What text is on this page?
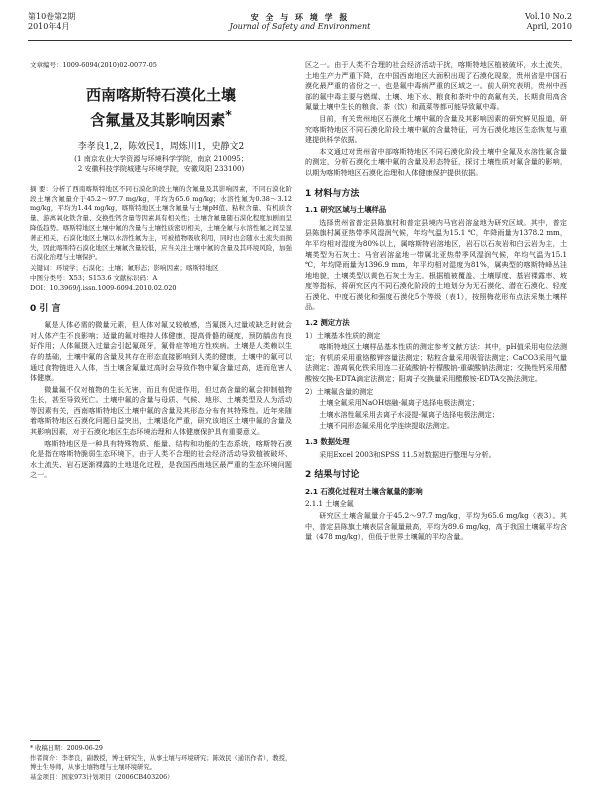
第10卷第2期
2010年4月
安 全 与 环 境 学 报
Journal of Safety and Environment
Vol.10 No.2
April, 2010

文章编号：1009-6094(2010)02-0077-05

西南喀斯特石漠化土壤
含氟量及其影响因素*
李孝良1,2，陈效民1，周炼川1，史静文2
(1 南京农业大学资源与环境科学学院，南京 210095；
2 安徽科技学院城建与环境学院，安徽凤阳 233100)

摘 要：分析了西南喀斯特地区不同石漠化阶段土壤的含氟量及其影响因素，不同石漠化阶段土壤含氟量介于45.2～97.7 mg/kg，平均为65.6 mg/kg；水溶性氟为0.38～3.12 mg/kg，平均为1.44 mg/kg，喀斯特地区土壤含氟量与土壤pH值、粘粒含量、有机质含量、游离氧化铁含量、交换性钙含量等因素具有相关性；土壤含氟量随石漠化程度加剧而呈降低趋势。喀斯特地区土壤中氟的含量与土壤性质密切相关，土壤全氟与水溶性氟之间呈显著正相关，石漠化地区土壤以水溶性氟为主，可被植物吸收利用，同时也会随水土流失而损失，因此喀斯特石漠化地区土壤氟含量较低，应当关注土壤中氟的含量及其环境风险，加强石漠化治理与土壤保护。

关键词：环境学；石漠化；土壤；氟形态；影响因素；喀斯特地区
中图分类号：X53；S153.6 文献标识码：A
DOI：10.3969/j.issn.1009-6094.2010.02.020
0 引 言

氟是人体必需的微量元素，但人体对氟又较敏感，当氟摄入过量或缺乏时就会对人体产生不良影响；适量的氟对维持人体健康，提高骨骼的硬度，预防龋齿有良好作用；人体氟摄入过量会引起氟斑牙，氟骨症等地方性疾病。土壤是人类赖以生存的基础，土壤中氟的含量及其存在形态直接影响到人类的健康，土壤中的氟可以通过食物链进入人体，当土壤含氟量过高时会导致作物中氟含量过高，进而危害人体健康。

微量氟不仅对植物的生长无害，而且有促进作用，但过高含量的氟会抑制植物生长，甚至导致死亡。土壤中氟的含量与母质、气候、地形、土壤类型及人为活动等因素有关，西南喀斯特地区土壤中氟的含量及其形态分布有其特殊性。近年来随着喀斯特地区石漠化问题日益突出，土壤退化严重，研究该地区土壤中氟的含量及其影响因素，对于石漠化地区生态环境治理和人体健康保护具有重要意义。

喀斯特地区是一种具有特殊物质、能量、结构和功能的生态系统，喀斯特石漠化是指在喀斯特脆弱生态环境下，由于人类不合理的社会经济活动导致植被破坏、水土流失、岩石逐渐裸露的土地退化过程，是我国西南地区最严重的生态环境问题之一。

* 收稿日期：2009-06-29
作者简介：李孝良，副教授，博士研究生，从事土壤与环境研究；陈效民（通讯作者），教授，博士生导师，从事土壤物理与土壤环境研究。
基金项目：国家973计划项目（2006CB403206）

区之一。由于人类不合理的社会经济活动干扰，喀斯特地区植被破坏，水土流失，土地生产力严重下降，在中国西南地区大面积出现了石漠化现象，贵州省是中国石漠化最严重的省份之一，也是氟中毒病严重的区域之一。前人研究表明，贵州中西部的氟中毒主要与燃煤、土壤、地下水、粮食和茶叶中的高氟有关，长期食用高含氟量土壤中生长的粮食、茶（饮）和蔬菜等都可能导致氟中毒。

目前，有关贵州地区石漠化土壤中氟的含量及其影响因素的研究鲜见报道，研究喀斯特地区不同石漠化阶段土壤中氟的含量特征，可为石漠化地区生态恢复与重建提供科学依据。

本文通过对贵州省中部喀斯特地区不同石漠化阶段土壤中全氟及水溶性氟含量的测定，分析石漠化土壤中氟的含量及形态特征，探讨土壤性质对氟含量的影响，以期为喀斯特地区石漠化治理和人体健康保护提供依据。

1 材料与方法
1.1 研究区域与土壤样品

选择贵州省普定县陈旗村和普定县境内马官岩溶盆地为研究区域。其中，普定县陈旗村属亚热带季风湿润气候，年均气温为15.1 ℃，年降雨量为1378.2 mm，年平均相对湿度为80%以上，属喀斯特岩溶地区，岩石以石灰岩和白云岩为主，土壤类型为石灰土；马官岩溶盆地一带属北亚热带季风湿润气候，年均气温为15.1 ℃，年均降雨量为1396.9 mm，年平均相对湿度为81%，属典型的喀斯特峰丛洼地地貌，土壤类型以黄色石灰土为主。根据植被覆盖、土壤厚度、基岩裸露率、坡度等指标，将研究区内不同石漠化阶段的土地划分为无石漠化、潜在石漠化、轻度石漠化、中度石漠化和强度石漠化5个等级（表1），按照梅花形布点法采集土壤样品。

1.2 测定方法
1）土壤基本性质的测定

喀斯特地区土壤样品基本性质的测定参考文献方法：其中，pH值采用电位法测定；有机质采用重铬酸钾容量法测定；粘粒含量采用吸管法测定；CaCO3采用气量法测定；游离氧化铁采用连二亚硫酸钠-柠檬酸钠-重碳酸钠法测定；交换性钙采用醋酸铵交换-EDTA滴定法测定；阳离子交换量采用醋酸铵-EDTA交换法测定。

2）土壤氟含量的测定

土壤全氟采用NaOH熔融-氟离子选择电极法测定；

土壤水溶性氟采用去离子水浸提-氟离子选择电极法测定；

土壤不同形态氟采用化学连续提取法测定。

1.3 数据处理

采用Excel 2003和SPSS 11.5对数据进行整理与分析。

2 结果与讨论
2.1 石漠化过程对土壤含氟量的影响
2.1.1 土壤全氟

研究区土壤含氟量介于45.2～97.7 mg/kg，平均为65.6 mg/kg（表3）。其中，普定县陈旗土壤表层含氟量最高，平均为89.6 mg/kg，高于我国土壤氟平均含量（478 mg/kg），但低于世界土壤氟的平均含量。
